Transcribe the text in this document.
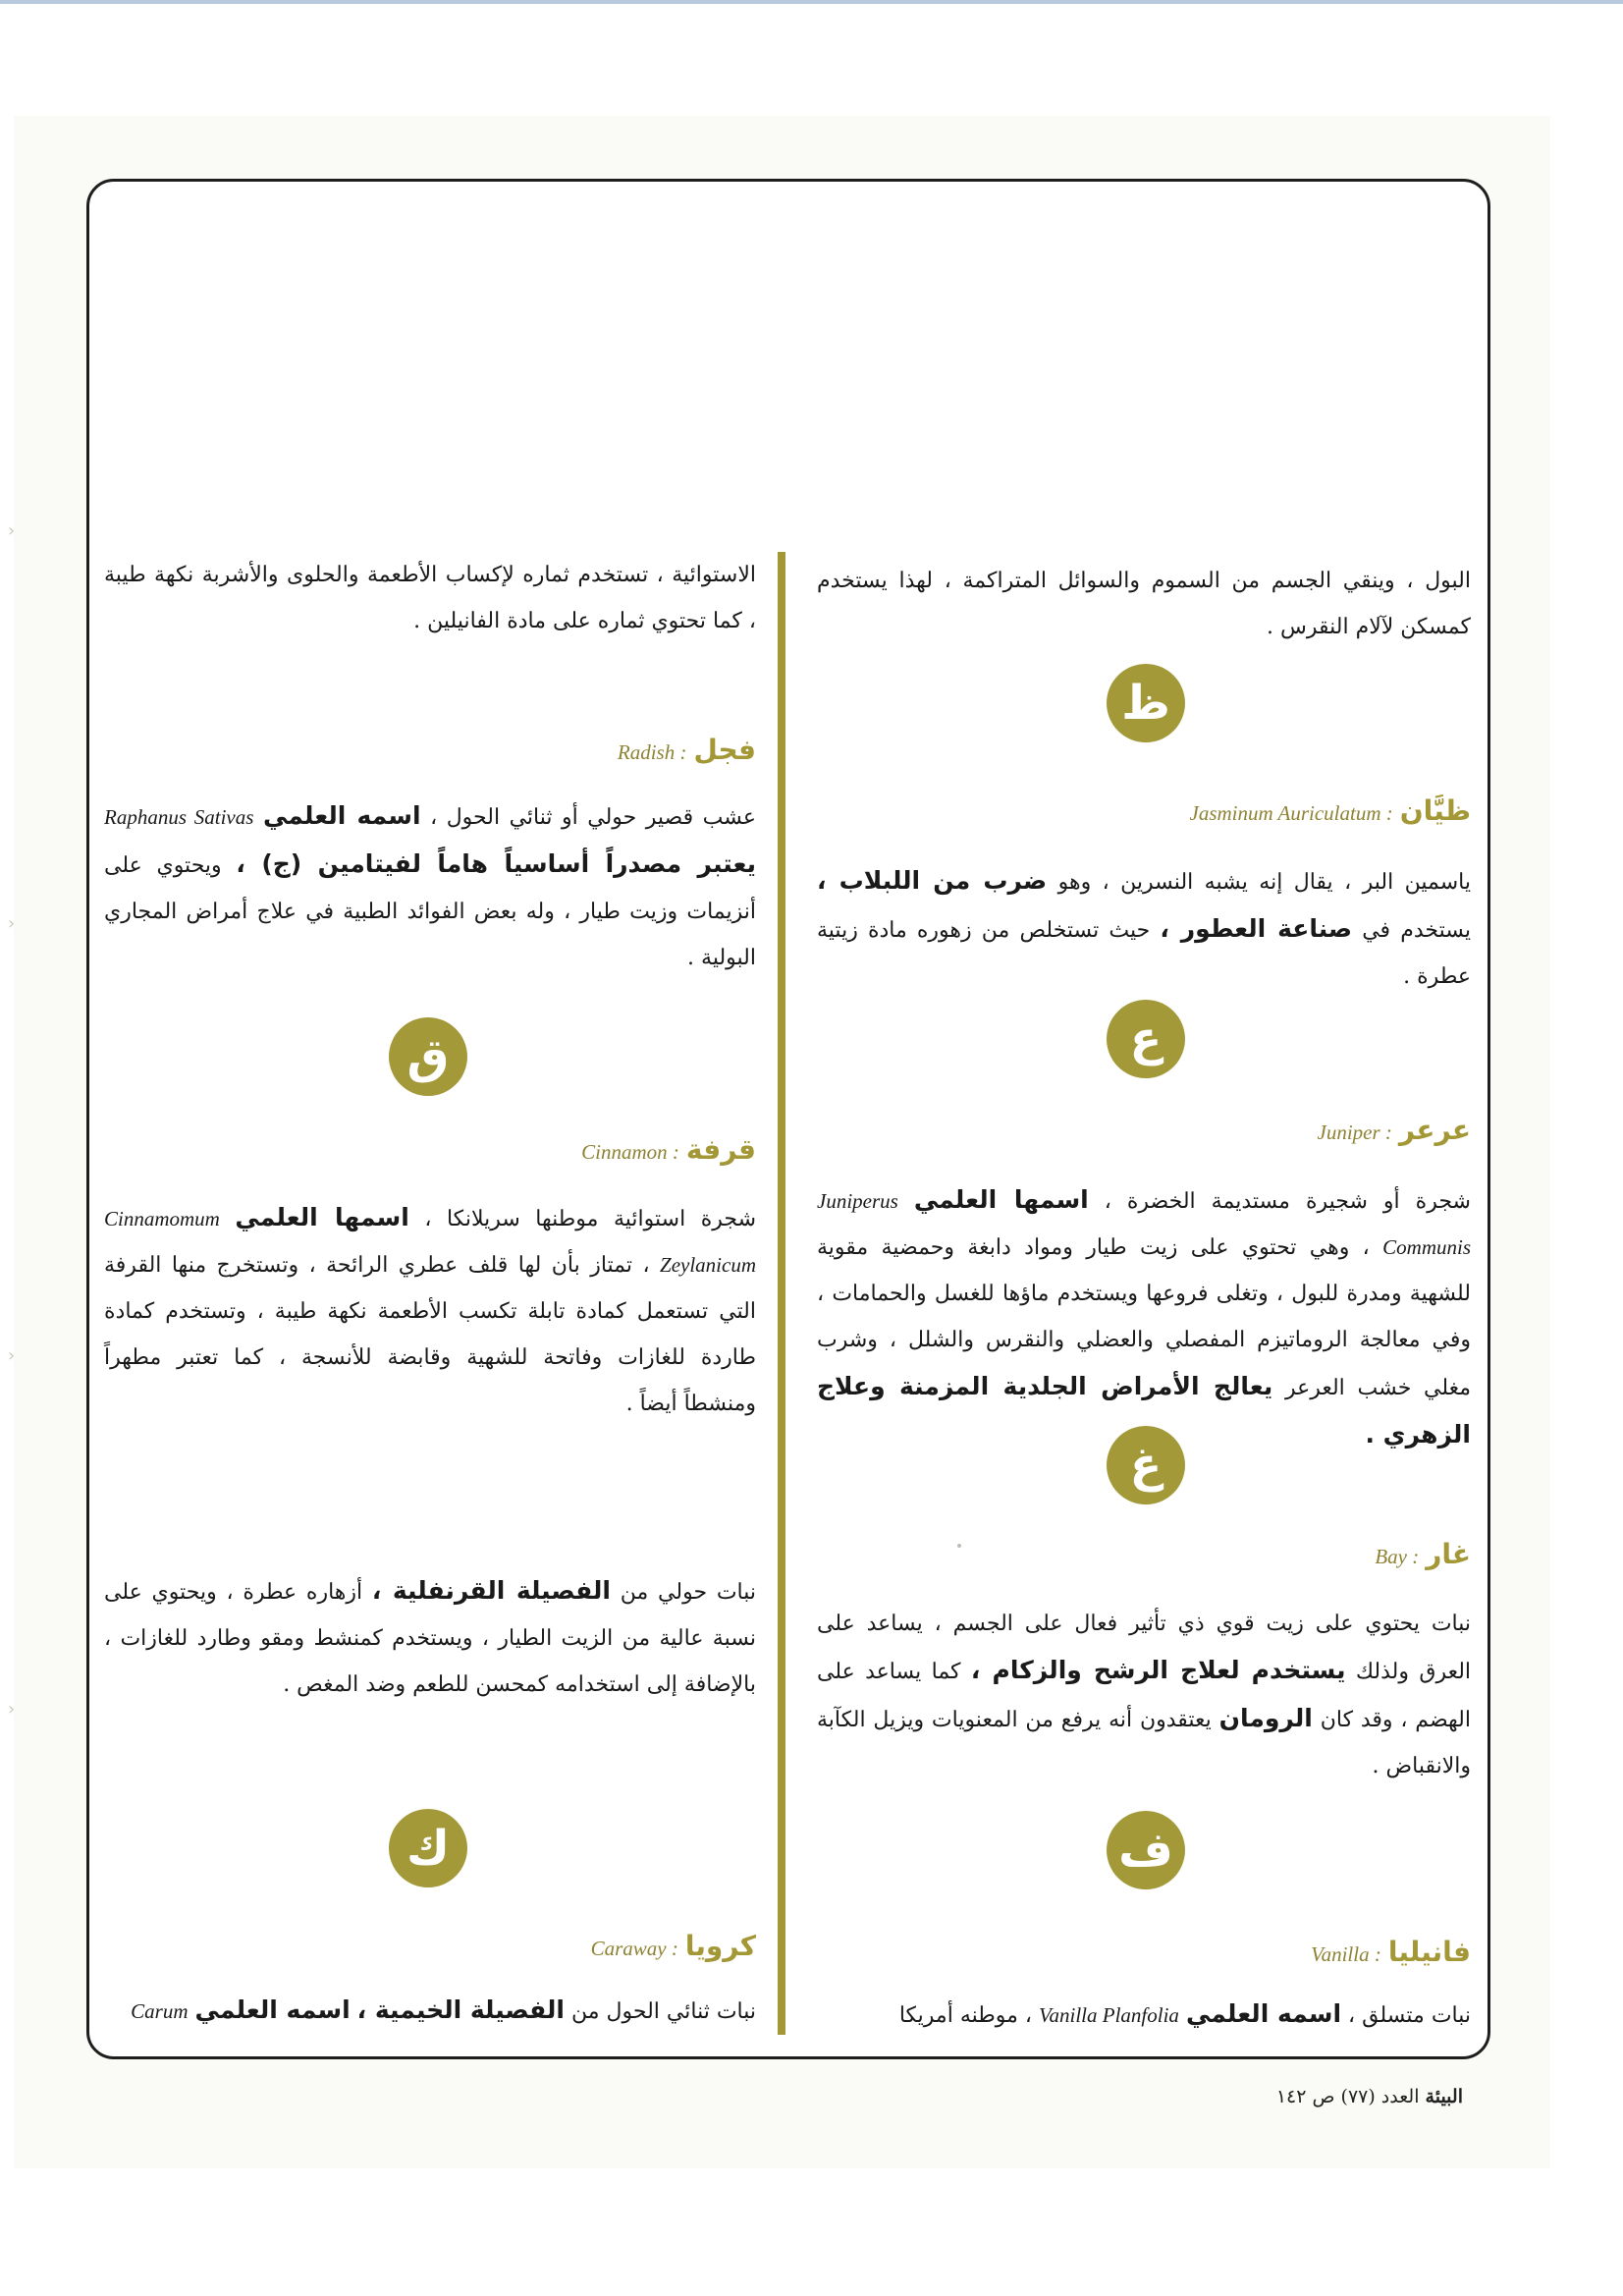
›
›
›
›

البول ، وينقي الجسم من السموم والسوائل المتراكمة ، لهذا يستخدم كمسكن لآلام النقرس .

ظ

ظيَّان : Jasminum Auriculatum

ياسمين البر ، يقال إنه يشبه النسرين ، وهو ضرب من اللبلاب ، يستخدم في صناعة العطور ، حيث تستخلص من زهوره مادة زيتية عطرة .

ع

عرعر : Juniper

شجرة أو شجيرة مستديمة الخضرة ، اسمها العلمي Juniperus Communis ، وهي تحتوي على زيت طيار ومواد دابغة وحمضية مقوية للشهية ومدرة للبول ، وتغلى فروعها ويستخدم ماؤها للغسل والحمامات ، وفي معالجة الروماتيزم المفصلي والعضلي والنقرس والشلل ، وشرب مغلي خشب العرعر يعالج الأمراض الجلدية المزمنة وعلاج الزهري .

غ

غار : Bay

نبات يحتوي على زيت قوي ذي تأثير فعال على الجسم ، يساعد على العرق ولذلك يستخدم لعلاج الرشح والزكام ، كما يساعد على الهضم ، وقد كان الرومان يعتقدون أنه يرفع من المعنويات ويزيل الكآبة والانقباض .

ف

فانيليا : Vanilla

نبات متسلق ، اسمه العلمي Vanilla Planfolia ، موطنه أمريكا

الاستوائية ، تستخدم ثماره لإكساب الأطعمة والحلوى والأشربة نكهة طيبة ، كما تحتوي ثماره على مادة الفانيلين .

فجل : Radish

عشب قصير حولي أو ثنائي الحول ، اسمه العلمي Raphanus Sativas يعتبر مصدراً أساسياً هاماً لفيتامين (ج) ، ويحتوي على أنزيمات وزيت طيار ، وله بعض الفوائد الطبية في علاج أمراض المجاري البولية .

ق

قرفة : Cinnamon

شجرة استوائية موطنها سريلانكا ، اسمها العلمي Cinnamomum Zeylanicum ، تمتاز بأن لها قلف عطري الرائحة ، وتستخرج منها القرفة التي تستعمل كمادة تابلة تكسب الأطعمة نكهة طيبة ، وتستخدم كمادة طاردة للغازات وفاتحة للشهية وقابضة للأنسجة ، كما تعتبر مطهراً ومنشطاً أيضاً .

نبات حولي من الفصيلة القرنفلية ، أزهاره عطرة ، ويحتوي على نسبة عالية من الزيت الطيار ، ويستخدم كمنشط ومقو وطارد للغازات ، بالإضافة إلى استخدامه كمحسن للطعم وضد المغص .

ك

كرويا : Caraway

نبات ثنائي الحول من الفصيلة الخيمية ، اسمه العلمي Carum

البيئة العدد (٧٧) ص ١٤٢
